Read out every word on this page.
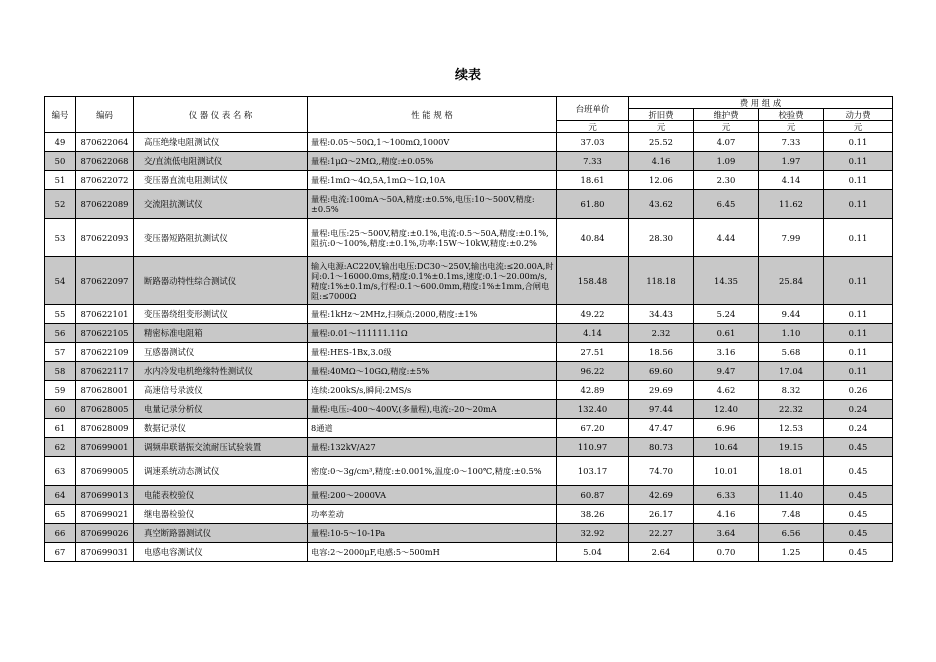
续表
编号	编码	仪 器 仪 表 名 称	性 能 规 格	台班单价	费 用 组 成			
					折旧费	维护费	校验费	动力费
				元	元	元	元	元
49	870622064	高压绝缘电阻测试仪	量程:0.05～50Ω,1～100mΩ,1000V	37.03	25.52	4.07	7.33	0.11
50	870622068	交/直流低电阻测试仪	量程:1μΩ～2MΩ,,精度:±0.05%	7.33	4.16	1.09	1.97	0.11
51	870622072	变压器直流电阻测试仪	量程:1mΩ～4Ω,5A,1mΩ～1Ω,10A	18.61	12.06	2.30	4.14	0.11
52	870622089	交流阻抗测试仪	量程:电流:100mA～50A,精度:±0.5%,电压:10～500V,精度:±0.5%	61.80	43.62	6.45	11.62	0.11
53	870622093	变压器短路阻抗测试仪	量程:电压:25～500V,精度:±0.1%,电流:0.5～50A,精度:±0.1%,阻抗:0～100%,精度:±0.1%,功率:15W～10kW,精度:±0.2%	40.84	28.30	4.44	7.99	0.11
54	870622097	断路器动特性综合测试仪	输入电源:AC220V,输出电压:DC30～250V,输出电流:≤20.00A,时间:0.1～16000.0ms,精度:0.1%±0.1ms,速度:0.1～20.00m/s,精度:1%±0.1m/s,行程:0.1～600.0mm,精度:1%±1mm,合闸电阻:≤7000Ω	158.48	118.18	14.35	25.84	0.11
55	870622101	变压器绕组变形测试仪	量程:1kHz～2MHz,扫频点:2000,精度:±1%	49.22	34.43	5.24	9.44	0.11
56	870622105	精密标准电阻箱	量程:0.01～111111.11Ω	4.14	2.32	0.61	1.10	0.11
57	870622109	互感器测试仪	量程:HES-1Bx,3.0级	27.51	18.56	3.16	5.68	0.11
58	870622117	水内冷发电机绝缘特性测试仪	量程:40MΩ～10GΩ,精度:±5%	96.22	69.60	9.47	17.04	0.11
59	870628001	高速信号录波仪	连续:200kS/s,瞬间:2MS/s	42.89	29.69	4.62	8.32	0.26
60	870628005	电量记录分析仪	量程:电压:-400～400V,(多量程),电流:-20～20mA	132.40	97.44	12.40	22.32	0.24
61	870628009	数据记录仪	8通道	67.20	47.47	6.96	12.53	0.24
62	870699001	调频串联谐振交流耐压试验装置	量程:132kV/A27	110.97	80.73	10.64	19.15	0.45
63	870699005	调速系统动态测试仪	密度:0～3g/cm³,精度:±0.001%,温度:0～100℃,精度:±0.5%	103.17	74.70	10.01	18.01	0.45
64	870699013	电能表校验仪	量程:200～2000VA	60.87	42.69	6.33	11.40	0.45
65	870699021	继电器检验仪	功率差动	38.26	26.17	4.16	7.48	0.45
66	870699026	真空断路器测试仪	量程:10-5～10-1Pa	32.92	22.27	3.64	6.56	0.45
67	870699031	电感电容测试仪	电容:2～2000μF,电感:5～500mH	5.04	2.64	0.70	1.25	0.45
